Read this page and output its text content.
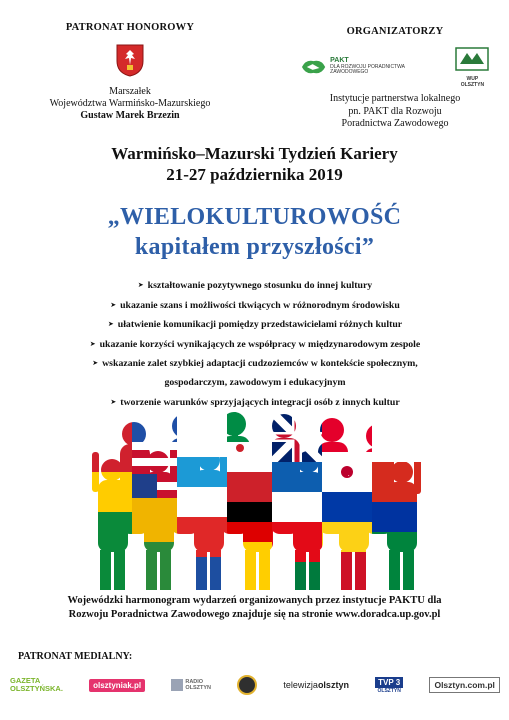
PATRONAT HONOROWY
Marszałek
Województwa Warmińsko-Mazurskiego
Gustaw Marek Brzezin
ORGANIZATORZY
PAKT
DLA ROZWOJU PORADNICTWA ZAWODOWEGO
WUP OLSZTYN
Instytucje partnerstwa lokalnego
pn. PAKT dla Rozwoju
Poradnictwa Zawodowego
Warmińsko–Mazurski Tydzień Kariery
21-27 października 2019
„WIELOKULTUROWOŚĆ
kapitałem przyszłości”
➤ kształtowanie pozytywnego stosunku do innej kultury
➤ ukazanie szans i możliwości tkwiących w różnorodnym środowisku
➤ ułatwienie komunikacji pomiędzy przedstawicielami różnych kultur
➤ ukazanie korzyści wynikających ze współpracy w międzynarodowym zespole
➤ wskazanie zalet szybkiej adaptacji cudzoziemców w kontekście społecznym,
gospodarczym, zawodowym i edukacyjnym
➤ tworzenie warunków sprzyjających integracji osób z innych kultur
Wojewódzki harmonogram wydarzeń organizowanych przez instytucje PAKTU dla
Rozwoju Poradnictwa Zawodowego znajduje się na stronie www.doradca.up.gov.pl
PATRONAT MEDIALNY:
GAZETA
OLSZTYŃSKA.	olsztyniak.pl	RADIO
OLSZTYN	telewizjaolsztyn	TVP 3
OLSZTYN
Olsztyn.com.pl
